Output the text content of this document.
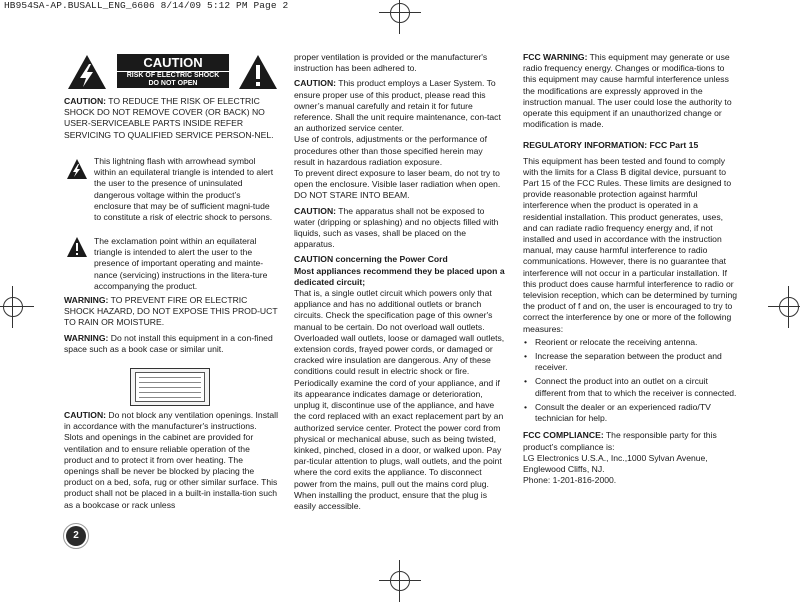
HB954SA-AP.BUSALL_ENG_6606 8/14/09 5:12 PM Page 2
CAUTION
RISK OF ELECTRIC SHOCK
DO NOT OPEN

CAUTION: TO REDUCE THE RISK OF ELECTRIC SHOCK DO NOT REMOVE COVER (OR BACK) NO USER-SERVICEABLE PARTS INSIDE REFER SERVICING TO QUALIFIED SERVICE PERSON-NEL.

This lightning flash with arrowhead symbol within an equilateral triangle is intended to alert the user to the presence of uninsulated dangerous voltage within the product’s enclosure that may be of sufficient magni-tude to constitute a risk of electric shock to persons.
The exclamation point within an equilateral triangle is intended to alert the user to the presence of important operating and mainte-nance (servicing) instructions in the litera-ture accompanying the product.

WARNING: TO PREVENT FIRE OR ELECTRIC SHOCK HAZARD, DO NOT EXPOSE THIS PROD-UCT TO RAIN OR MOISTURE.

WARNING: Do not install this equipment in a con-fined space such as a book case or similar unit.

CAUTION: Do not block any ventilation openings. Install in accordance with the manufacturer's instructions.

Slots and openings in the cabinet are provided for ventilation and to ensure reliable operation of the product and to protect it from over heating. The openings shall be never be blocked by placing the product on a bed, sofa, rug or other similar surface. This product shall not be placed in a built-in installa-tion such as a bookcase or rack unless

proper ventilation is provided or the manufacturer's instruction has been adhered to.

CAUTION: This product employs a Laser System. To ensure proper use of this product, please read this owner’s manual carefully and retain it for future reference. Shall the unit require maintenance, con-tact an authorized service center.

Use of controls, adjustments or the performance of procedures other than those specified herein may result in hazardous radiation exposure.

To prevent direct exposure to laser beam, do not try to open the enclosure. Visible laser radiation when open. DO NOT STARE INTO BEAM.

CAUTION: The apparatus shall not be exposed to water (dripping or splashing) and no objects filled with liquids, such as vases, shall be placed on the apparatus.

CAUTION concerning the Power Cord

Most appliances recommend they be placed upon a dedicated circuit;

That is, a single outlet circuit which powers only that appliance and has no additional outlets or branch circuits. Check the specification page of this owner's manual to be certain. Do not overload wall outlets. Overloaded wall outlets, loose or damaged wall outlets, extension cords, frayed power cords, or damaged or cracked wire insulation are dangerous. Any of these conditions could result in electric shock or fire. Periodically examine the cord of your appliance, and if its appearance indicates damage or deterioration, unplug it, discontinue use of the appliance, and have the cord replaced with an exact replacement part by an authorized service center. Protect the power cord from physical or mechanical abuse, such as being twisted, kinked, pinched, closed in a door, or walked upon. Pay par-ticular attention to plugs, wall outlets, and the point where the cord exits the appliance. To disconnect power from the mains, pull out the mains cord plug. When installing the product, ensure that the plug is easily accessible.

FCC WARNING: This equipment may generate or use radio frequency energy. Changes or modifica-tions to this equipment may cause harmful interference unless the modifications are expressly approved in the instruction manual. The user could lose the authority to operate this equipment if an unauthorized change or modification is made.

REGULATORY INFORMATION: FCC Part 15

This equipment has been tested and found to comply with the limits for a Class B digital device, pursuant to Part 15 of the FCC Rules. These limits are designed to provide reasonable protection against harmful interference when the product is operated in a residential installation. This product generates, uses, and can radiate radio frequency energy and, if not installed and used in accordance with the instruction manual, may cause harmful interference to radio communications. However, there is no guarantee that interference will not occur in a particular installation. If this product does cause harmful interference to radio or television reception, which can be determined by turning the product of f and on, the user is encouraged to try to correct the interference by one or more of the following measures:

• Reorient or relocate the receiving antenna.
• Increase the separation between the product and receiver.
• Connect the product into an outlet on a circuit different from that to which the receiver is connected.
• Consult the dealer or an experienced radio/TV technician for help.

FCC COMPLIANCE: The responsible party for this product’s compliance is:

LG Electronics U.S.A., Inc.,1000 Sylvan Avenue,

Englewood Cliffs, NJ.

Phone: 1-201-816-2000.

2
